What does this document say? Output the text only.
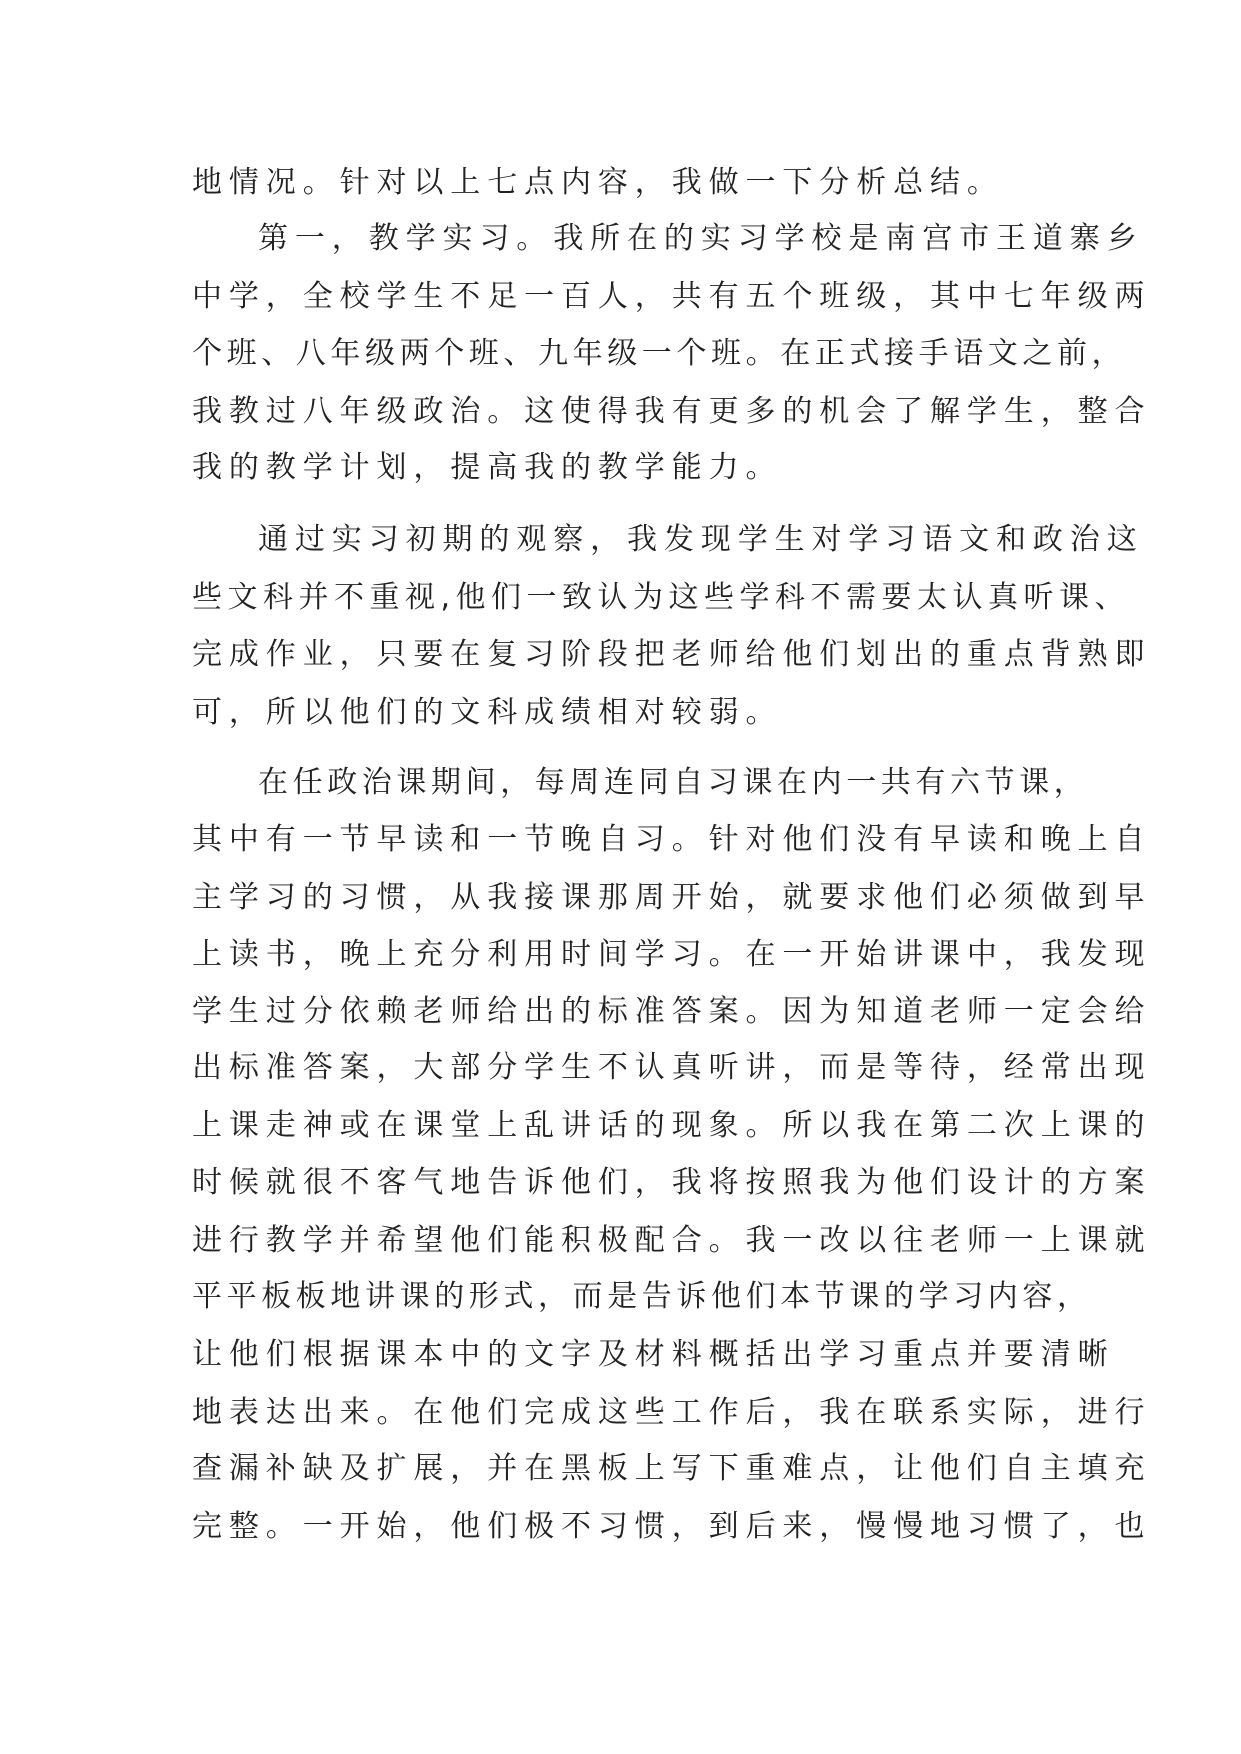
地情况。针对以上七点内容，我做一下分析总结。
第一，教学实习。我所在的实习学校是南宫市王道寨乡
中学，全校学生不足一百人，共有五个班级，其中七年级两
个班、八年级两个班、九年级一个班。在正式接手语文之前，
我教过八年级政治。这使得我有更多的机会了解学生，整合
我的教学计划，提高我的教学能力。
通过实习初期的观察，我发现学生对学习语文和政治这
些文科并不重视,他们一致认为这些学科不需要太认真听课、
完成作业，只要在复习阶段把老师给他们划出的重点背熟即
可，所以他们的文科成绩相对较弱。
在任政治课期间，每周连同自习课在内一共有六节课，
其中有一节早读和一节晚自习。针对他们没有早读和晚上自
主学习的习惯，从我接课那周开始，就要求他们必须做到早
上读书，晚上充分利用时间学习。在一开始讲课中，我发现
学生过分依赖老师给出的标准答案。因为知道老师一定会给
出标准答案，大部分学生不认真听讲，而是等待，经常出现
上课走神或在课堂上乱讲话的现象。所以我在第二次上课的
时候就很不客气地告诉他们，我将按照我为他们设计的方案
进行教学并希望他们能积极配合。我一改以往老师一上课就
平平板板地讲课的形式，而是告诉他们本节课的学习内容，
让他们根据课本中的文字及材料概括出学习重点并要清晰
地表达出来。在他们完成这些工作后，我在联系实际，进行
查漏补缺及扩展，并在黑板上写下重难点，让他们自主填充
完整。一开始，他们极不习惯，到后来，慢慢地习惯了，也
